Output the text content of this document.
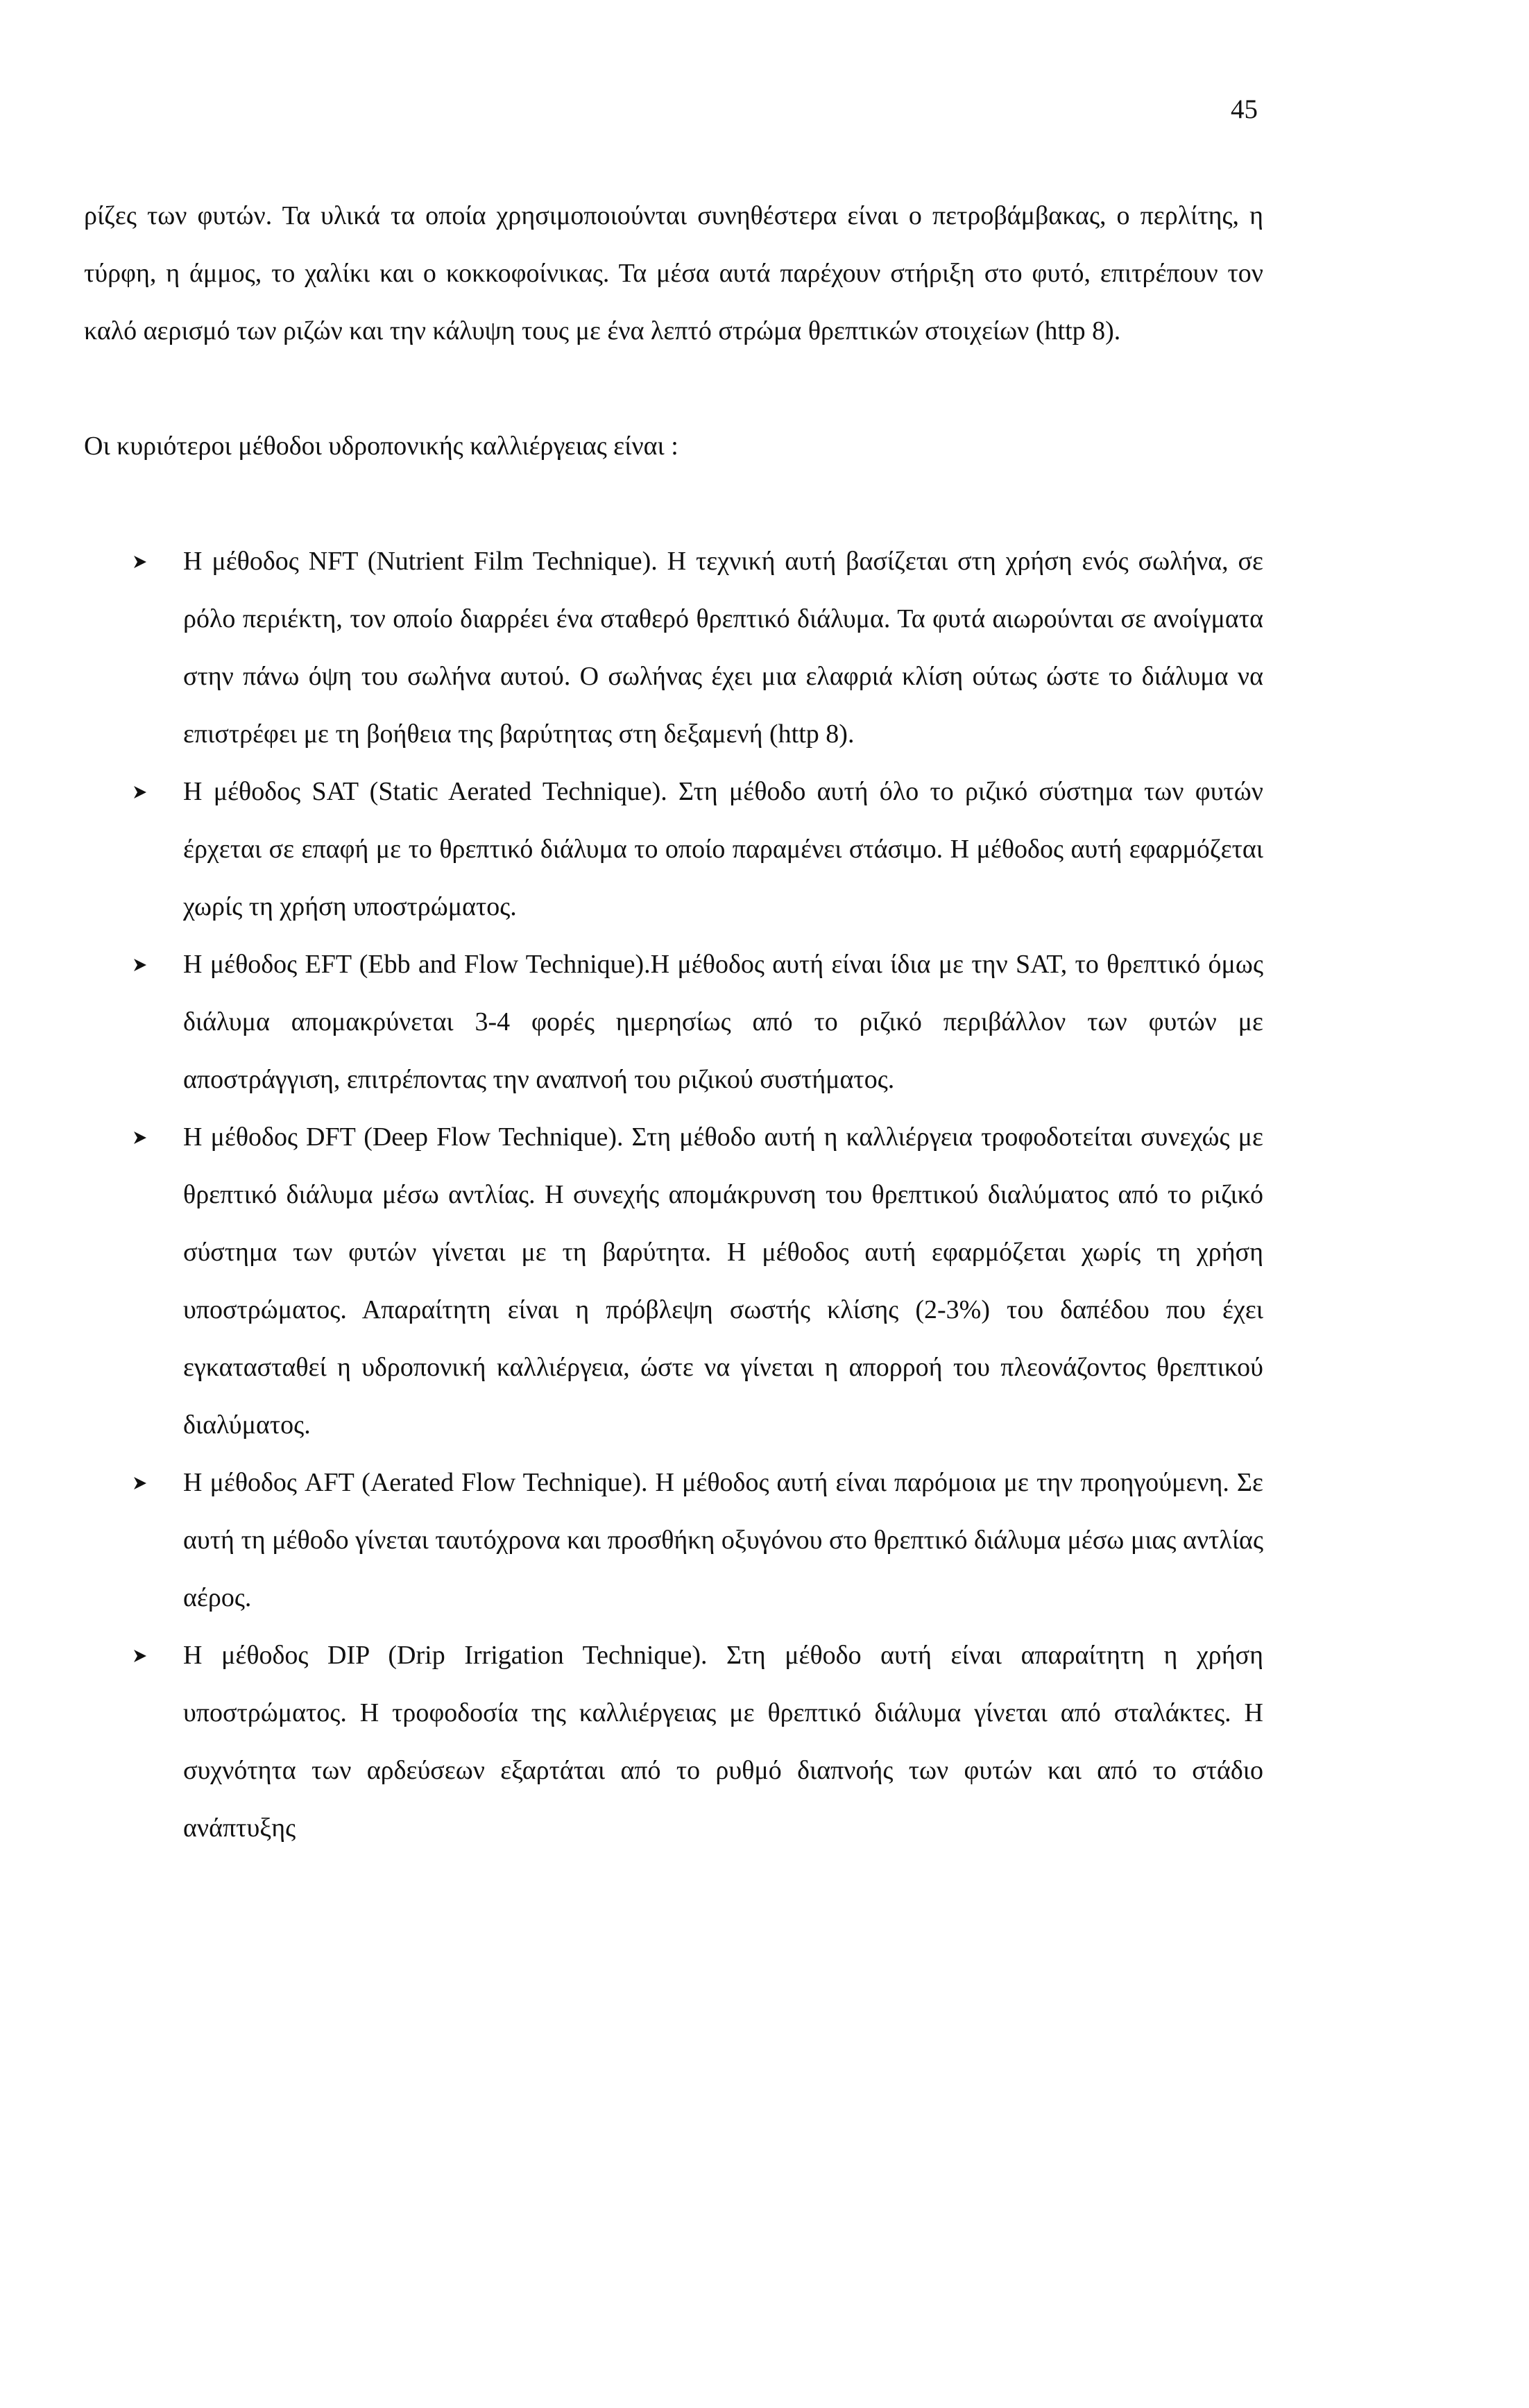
45

ρίζες των φυτών. Τα υλικά τα οποία χρησιμοποιούνται συνηθέστερα είναι ο πετροβάμβακας, ο περλίτης, η τύρφη, η άμμος, το χαλίκι και ο κοκκοφοίνικας. Τα μέσα αυτά παρέχουν στήριξη στο φυτό, επιτρέπουν τον καλό αερισμό των ριζών και την κάλυψη τους με ένα λεπτό στρώμα θρεπτικών στοιχείων (http 8).

Οι κυριότεροι μέθοδοι υδροπονικής καλλιέργειας είναι :

Η μέθοδος NFT (Nutrient Film Technique). Η τεχνική αυτή βασίζεται στη χρήση ενός σωλήνα, σε ρόλο περιέκτη, τον οποίο διαρρέει ένα σταθερό θρεπτικό διάλυμα. Τα φυτά αιωρούνται σε ανοίγματα στην πάνω όψη του σωλήνα αυτού. Ο σωλήνας έχει μια ελαφριά κλίση ούτως ώστε το διάλυμα να επιστρέφει με τη βοήθεια της βαρύτητας στη δεξαμενή (http 8).
Η μέθοδος SAT (Static Aerated Technique). Στη μέθοδο αυτή όλο το ριζικό σύστημα των φυτών έρχεται σε επαφή με το θρεπτικό διάλυμα το οποίο παραμένει στάσιμο. Η μέθοδος αυτή εφαρμόζεται χωρίς τη χρήση υποστρώματος.
Η μέθοδος EFT (Ebb and Flow Technique).Η μέθοδος αυτή είναι ίδια με την SAT, το θρεπτικό όμως διάλυμα απομακρύνεται 3-4 φορές ημερησίως από το ριζικό περιβάλλον των φυτών με αποστράγγιση, επιτρέποντας την αναπνοή του ριζικού συστήματος.
Η μέθοδος DFT (Deep Flow Technique). Στη μέθοδο αυτή η καλλιέργεια τροφοδοτείται συνεχώς με θρεπτικό διάλυμα μέσω αντλίας. Η συνεχής απομάκρυνση του θρεπτικού διαλύματος από το ριζικό σύστημα των φυτών γίνεται με τη βαρύτητα. Η μέθοδος αυτή εφαρμόζεται χωρίς τη χρήση υποστρώματος. Απαραίτητη είναι η πρόβλεψη σωστής κλίσης (2-3%) του δαπέδου που έχει εγκατασταθεί η υδροπονική καλλιέργεια, ώστε να γίνεται η απορροή του πλεονάζοντος θρεπτικού διαλύματος.
Η μέθοδος AFT (Aerated Flow Technique). Η μέθοδος αυτή είναι παρόμοια με την προηγούμενη. Σε αυτή τη μέθοδο γίνεται ταυτόχρονα και προσθήκη οξυγόνου στο θρεπτικό διάλυμα μέσω μιας αντλίας αέρος.
Η μέθοδος DIP (Drip Irrigation Technique). Στη μέθοδο αυτή είναι απαραίτητη η χρήση υποστρώματος. Η τροφοδοσία της καλλιέργειας με θρεπτικό διάλυμα γίνεται από σταλάκτες. Η συχνότητα των αρδεύσεων εξαρτάται από το ρυθμό διαπνοής των φυτών και από το στάδιο ανάπτυξης
